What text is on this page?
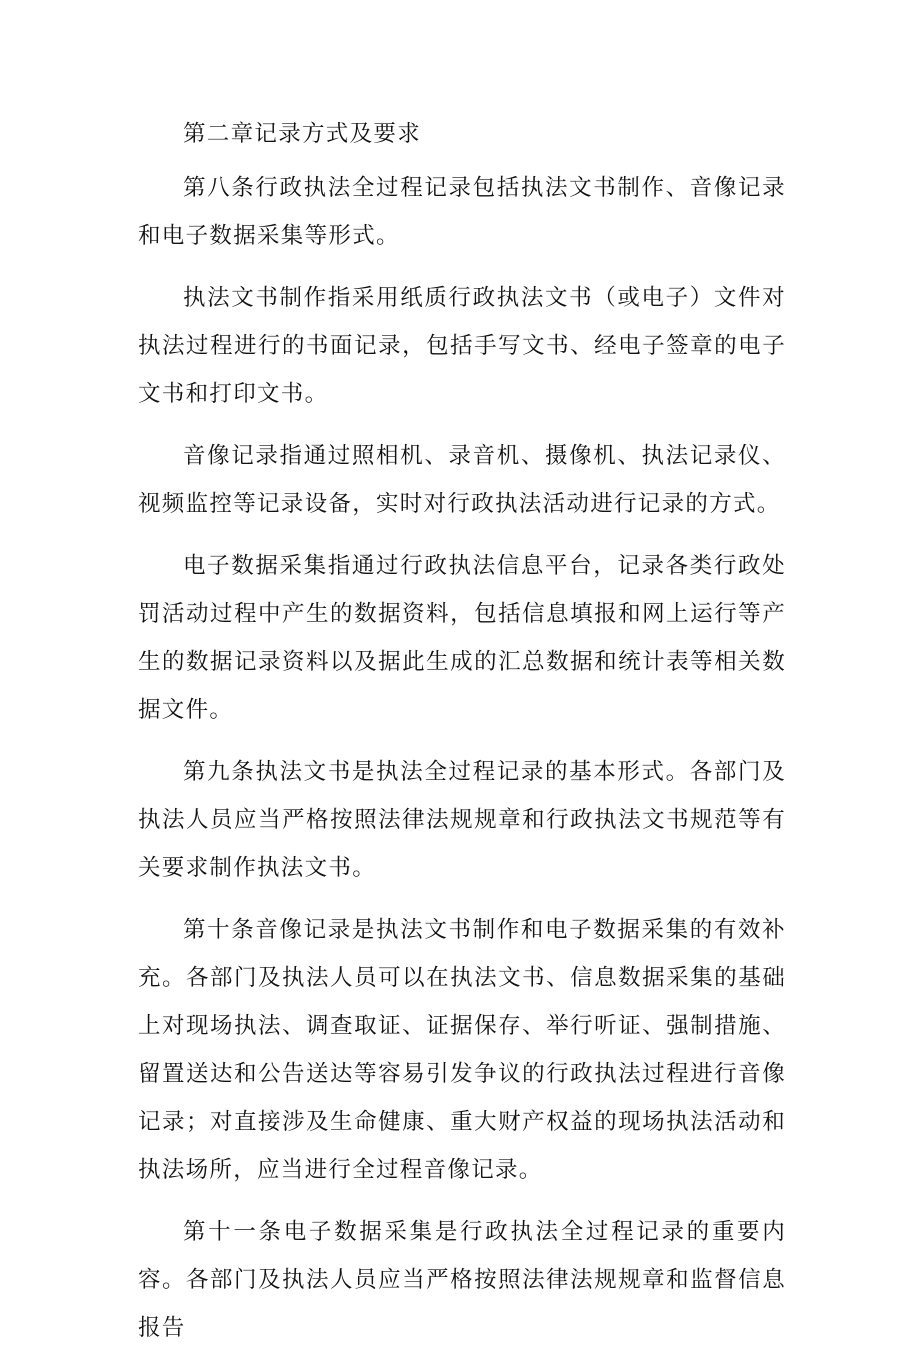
第二章记录方式及要求

第八条行政执法全过程记录包括执法文书制作、音像记录和电子数据采集等形式。

执法文书制作指采用纸质行政执法文书（或电子）文件对执法过程进行的书面记录，包括手写文书、经电子签章的电子文书和打印文书。

音像记录指通过照相机、录音机、摄像机、执法记录仪、视频监控等记录设备，实时对行政执法活动进行记录的方式。

电子数据采集指通过行政执法信息平台，记录各类行政处罚活动过程中产生的数据资料，包括信息填报和网上运行等产生的数据记录资料以及据此生成的汇总数据和统计表等相关数据文件。

第九条执法文书是执法全过程记录的基本形式。各部门及执法人员应当严格按照法律法规规章和行政执法文书规范等有关要求制作执法文书。

第十条音像记录是执法文书制作和电子数据采集的有效补充。各部门及执法人员可以在执法文书、信息数据采集的基础上对现场执法、调查取证、证据保存、举行听证、强制措施、留置送达和公告送达等容易引发争议的行政执法过程进行音像记录；对直接涉及生命健康、重大财产权益的现场执法活动和执法场所，应当进行全过程音像记录。

第十一条电子数据采集是行政执法全过程记录的重要内容。各部门及执法人员应当严格按照法律法规规章和监督信息报告
